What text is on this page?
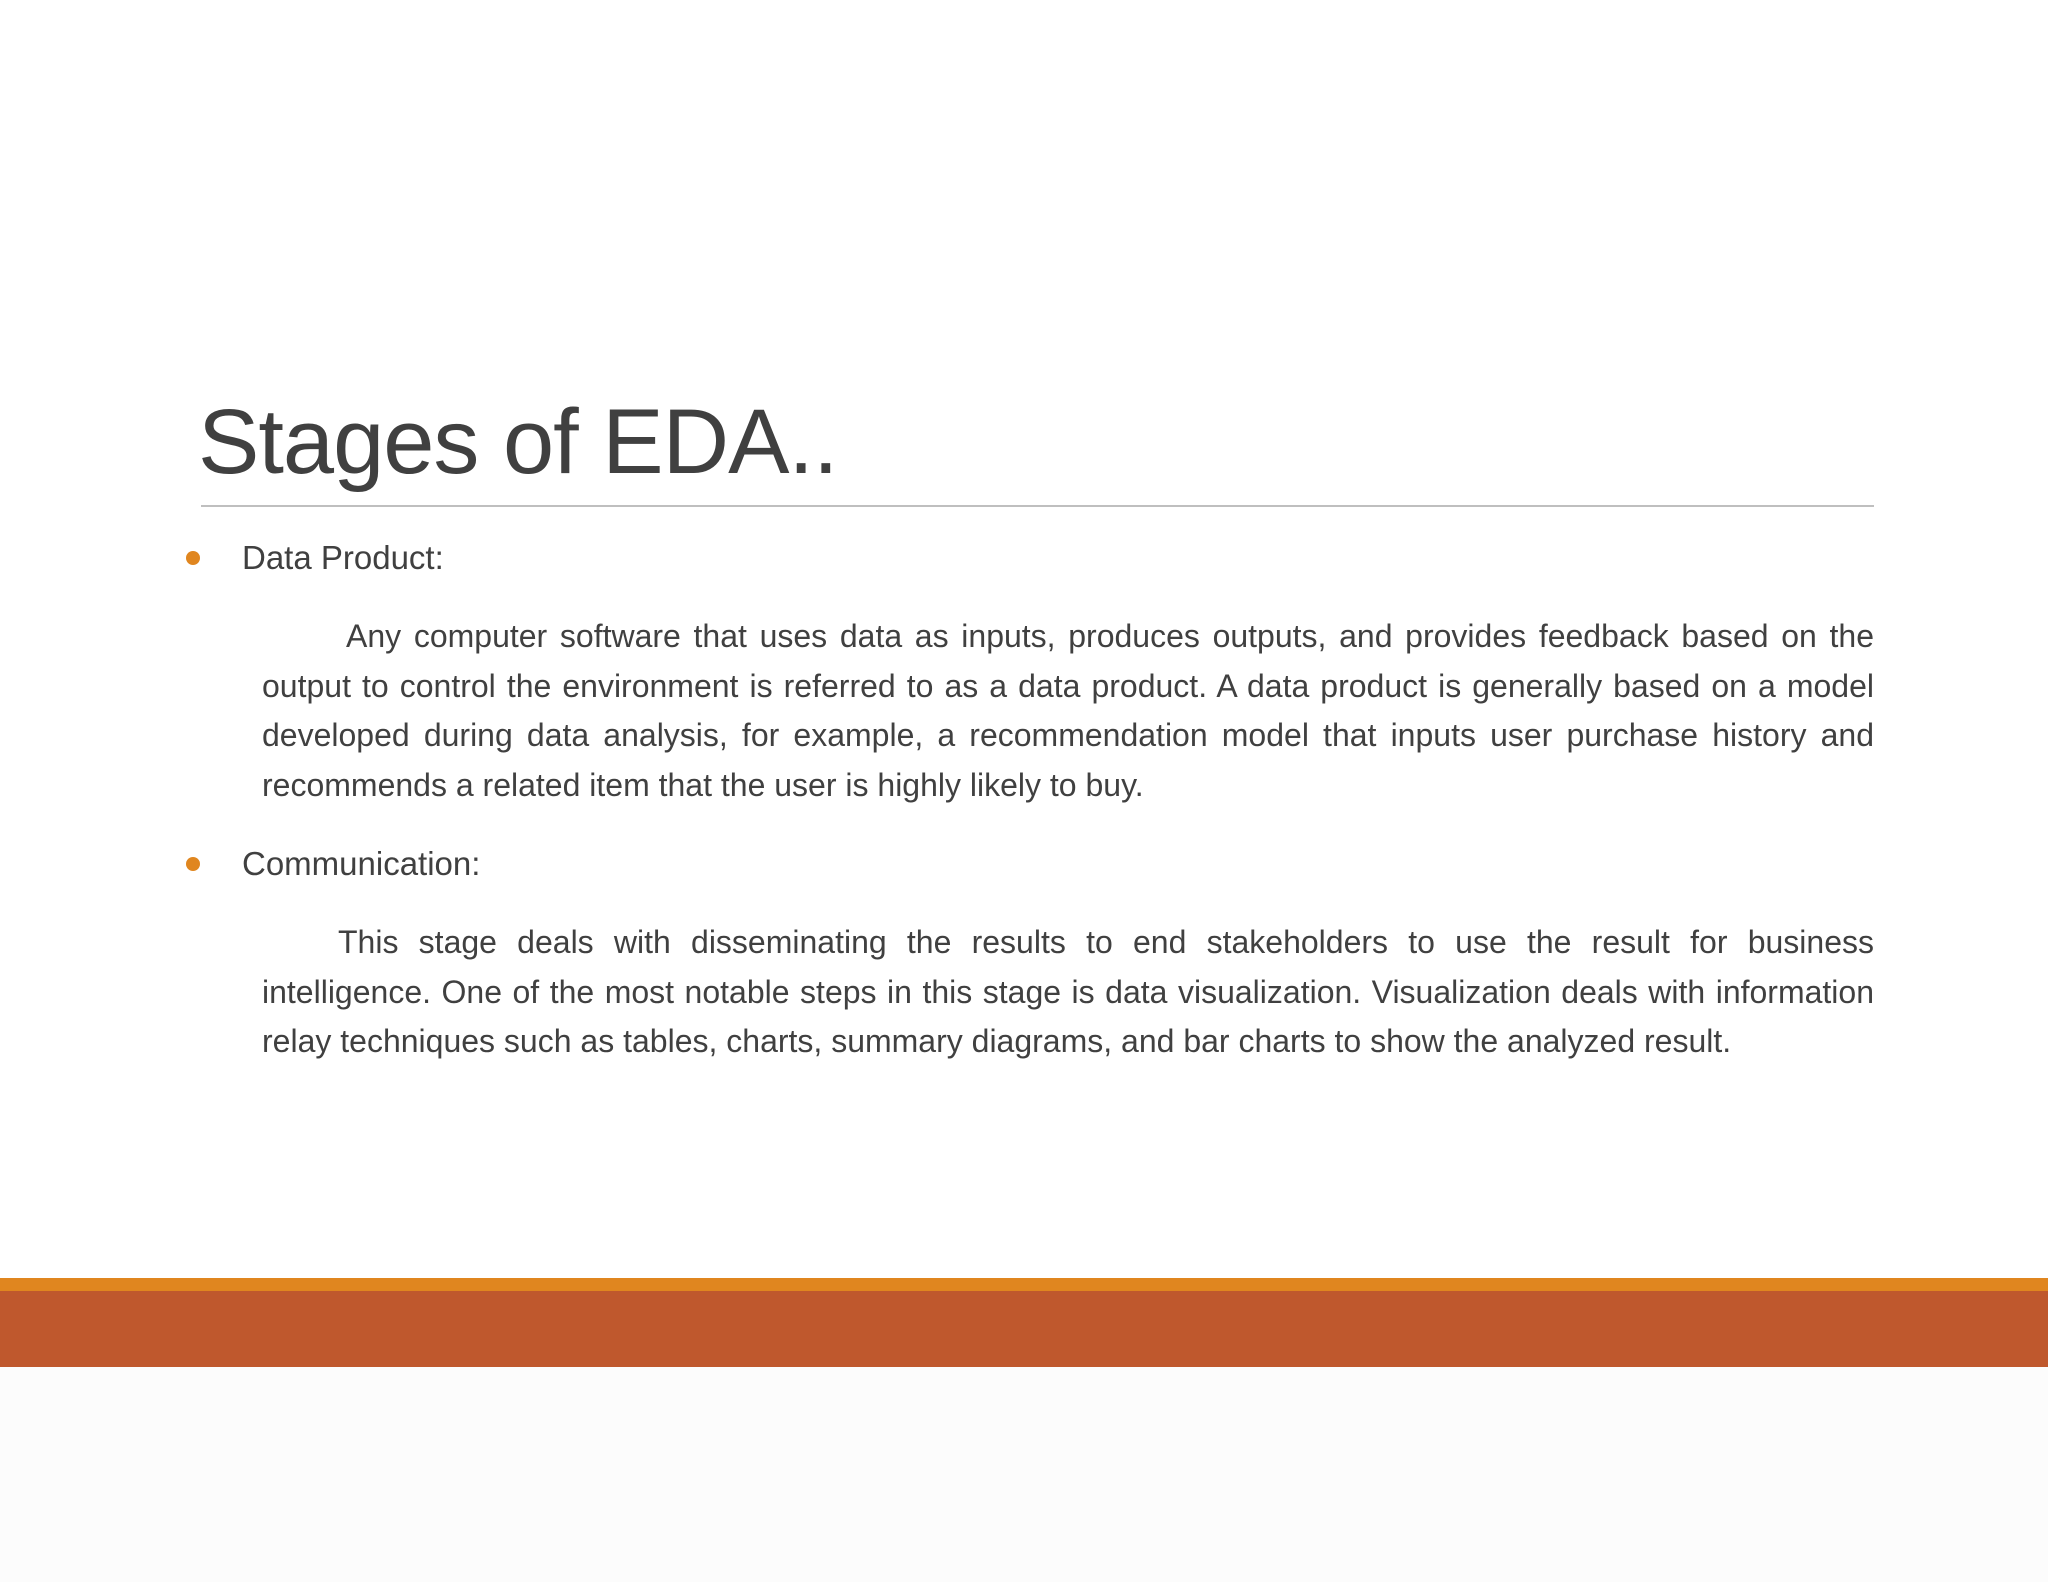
Stages of EDA..
Data Product:

Any computer software that uses data as inputs, produces outputs, and provides feedback based on the output to control the environment is referred to as a data product. A data product is generally based on a model developed during data analysis, for example, a recommendation model that inputs user purchase history and recommends a related item that the user is highly likely to buy.

Communication:

This stage deals with disseminating the results to end stakeholders to use the result for business intelligence. One of the most notable steps in this stage is data visualization. Visualization deals with information relay techniques such as tables, charts, summary diagrams, and bar charts to show the analyzed result.
